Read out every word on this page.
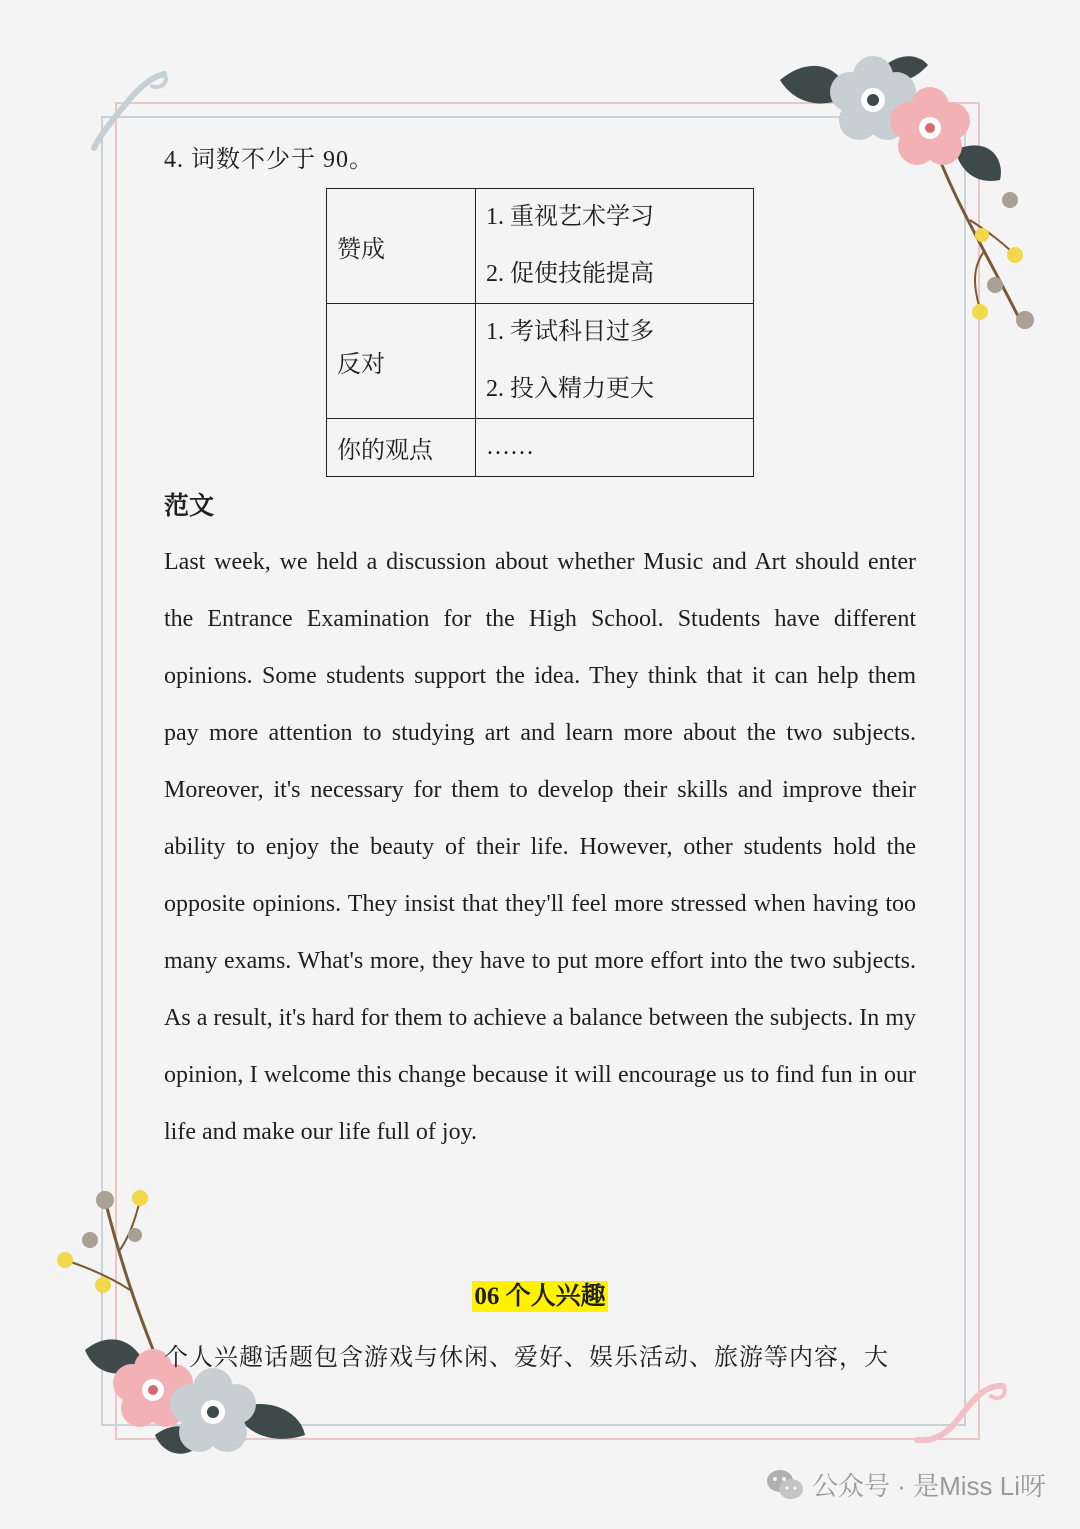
4. 词数不少于 90。
赞成	1. 重视艺术学习
2. 促使技能提高

反对	1. 考试科目过多
2. 投入精力更大

你的观点	……
范文
Last week, we held a discussion about whether Music and Art should enter the Entrance Examination for the High School. Students have different opinions. Some students support the idea. They think that it can help them pay more attention to studying art and learn more about the two subjects. Moreover, it's necessary for them to develop their skills and improve their ability to enjoy the beauty of their life. However, other students hold the opposite opinions. They insist that they'll feel more stressed when having too many exams. What's more, they have to put more effort into the two subjects. As a result, it's hard for them to achieve a balance between the subjects. In my opinion, I welcome this change because it will encourage us to find fun in our life and make our life full of joy.
06 个人兴趣
个人兴趣话题包含游戏与休闲、爱好、娱乐活动、旅游等内容，大
公众号 · 是Miss Li呀
